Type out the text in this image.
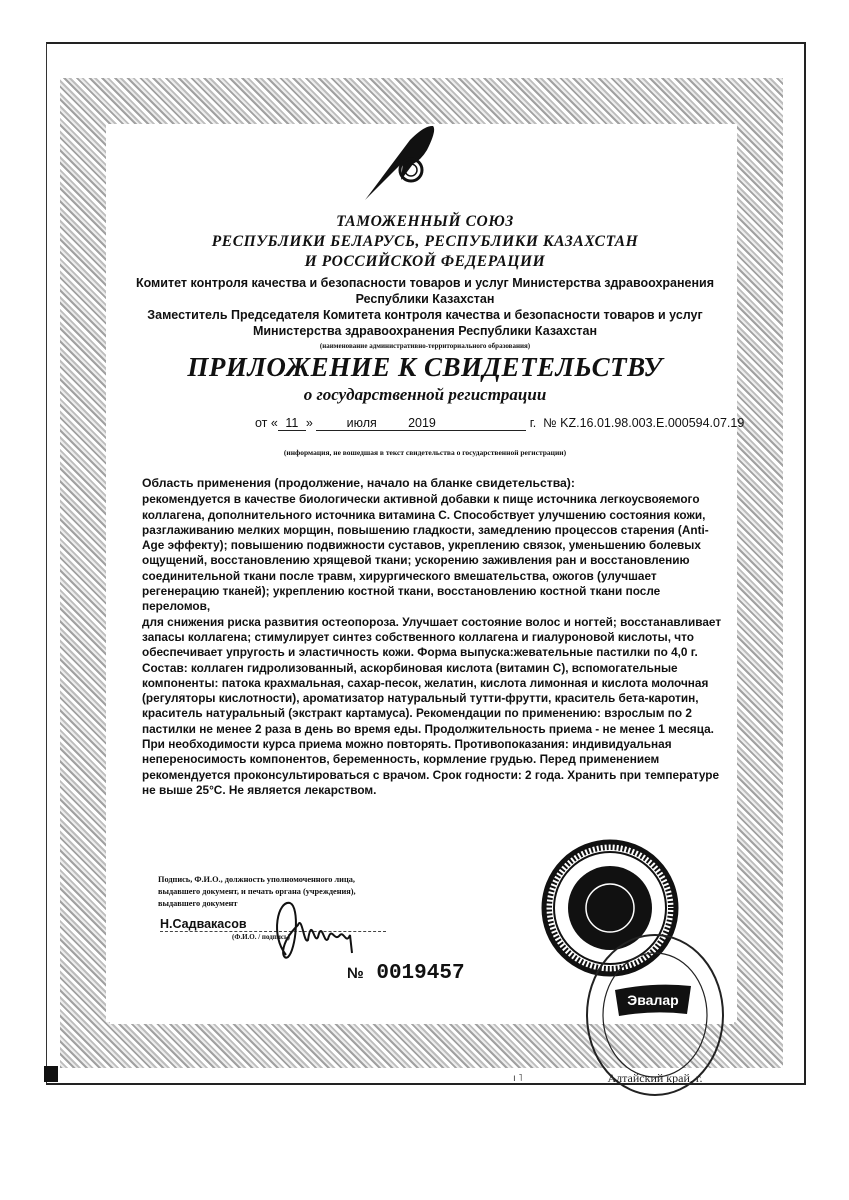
ТАМОЖЕННЫЙ СОЮЗ
РЕСПУБЛИКИ БЕЛАРУСЬ, РЕСПУБЛИКИ КАЗАХСТАН
И РОССИЙСКОЙ ФЕДЕРАЦИИ
Комитет контроля качества и безопасности товаров и услуг Министерства здравоохранения
Республики Казахстан
Заместитель Председателя Комитета контроля качества и безопасности товаров и услуг
Министерства здравоохранения Республики Казахстан
(наименование административно-территориального образования)
ПРИЛОЖЕНИЕ К СВИДЕТЕЛЬСТВУ
о государственной регистрации
от « 11 »	июля	2019	г. № KZ.16.01.98.003.E.000594.07.19
(информация, не вошедшая в текст свидетельства о государственной регистрации)
Область применения (продолжение, начало на бланке свидетельства):

рекомендуется в качестве биологически активной добавки к пище источника легкоусвояемого

коллагена, дополнительного источника витамина С. Способствует улучшению состояния кожи,

разглаживанию мелких морщин, повышению гладкости, замедлению процессов старения (Anti-

Age эффекту); повышению подвижности суставов, укреплению связок, уменьшению болевых

ощущений, восстановлению хрящевой ткани; ускорению заживления ран и восстановлению

соединительной ткани после травм, хирургического вмешательства, ожогов (улучшает

регенерацию тканей); укреплению костной ткани, восстановлению костной ткани после переломов,

для снижения риска развития остеопороза. Улучшает состояние волос и ногтей; восстанавливает

запасы коллагена; стимулирует синтез собственного коллагена и гиалуроновой кислоты, что

обеспечивает упругость и эластичность кожи. Форма выпуска:жевательные пастилки по 4,0 г.

Состав: коллаген гидролизованный, аскорбиновая кислота (витамин С), вспомогательные

компоненты: патока крахмальная, сахар-песок, желатин, кислота лимонная и кислота молочная

(регуляторы кислотности), ароматизатор натуральный тутти-фрутти, краситель бета-каротин,

краситель натуральный (экстракт картамуса). Рекомендации по применению: взрослым по 2

пастилки не менее 2 раза в день во время еды. Продолжительность приема - не менее 1 месяца.

При необходимости курса приема можно повторять. Противопоказания: индивидуальная

непереносимость компонентов, беременность, кормление грудью. Перед применением

рекомендуется проконсультироваться с врачом. Срок годности: 2 года. Хранить при температуре

не выше 25°С. Не является лекарством.

Подпись, Ф.И.О., должность уполномоченного лица,
выдавшего документ, и печать органа (учреждения),
выдавшего документ
Н.Садвакасов
(Ф.И.О. / подпись)
№ 0019457
Эвалар
Алтайский край, г.
ı ˥
